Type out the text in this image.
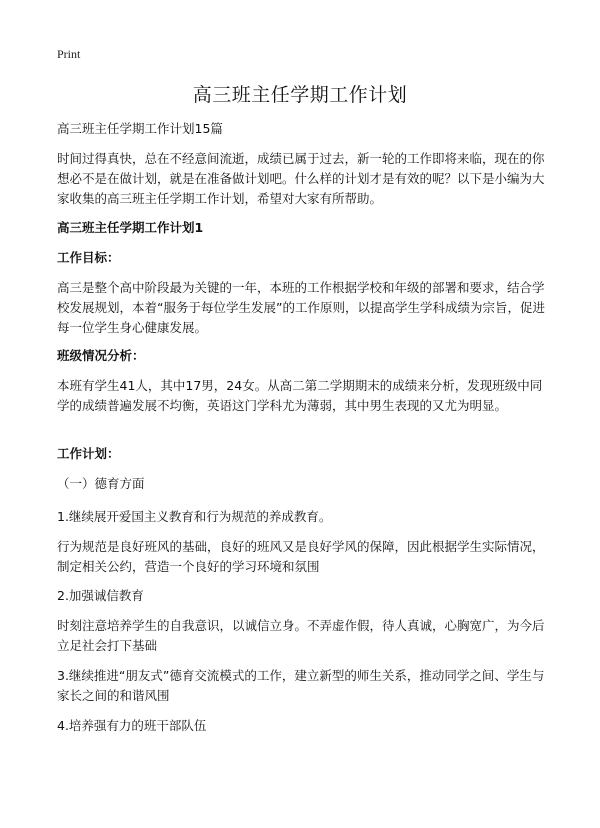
Print
高三班主任学期工作计划

高三班主任学期工作计划15篇

时间过得真快，总在不经意间流逝，成绩已属于过去，新一轮的工作即将来临，现在的你想必不是在做计划，就是在准备做计划吧。什么样的计划才是有效的呢？以下是小编为大家收集的高三班主任学期工作计划，希望对大家有所帮助。

高三班主任学期工作计划1

工作目标：

高三是整个高中阶段最为关键的一年，本班的工作根据学校和年级的部署和要求，结合学校发展规划，本着“服务于每位学生发展”的工作原则，以提高学生学科成绩为宗旨，促进每一位学生身心健康发展。

班级情况分析：

本班有学生41人，其中17男，24女。从高二第二学期期末的成绩来分析，发现班级中同学的成绩普遍发展不均衡，英语这门学科尤为薄弱，其中男生表现的又尤为明显。

工作计划：

（一）德育方面

1.继续展开爱国主义教育和行为规范的养成教育。

行为规范是良好班风的基础，良好的班风又是良好学风的保障，因此根据学生实际情况，制定相关公约，营造一个良好的学习环境和氛围

2.加强诚信教育

时刻注意培养学生的自我意识，以诚信立身。不弄虚作假，待人真诚，心胸宽广，为今后立足社会打下基础

3.继续推进“朋友式”德育交流模式的工作，建立新型的师生关系，推动同学之间、学生与家长之间的和谐风围

4.培养强有力的班干部队伍
